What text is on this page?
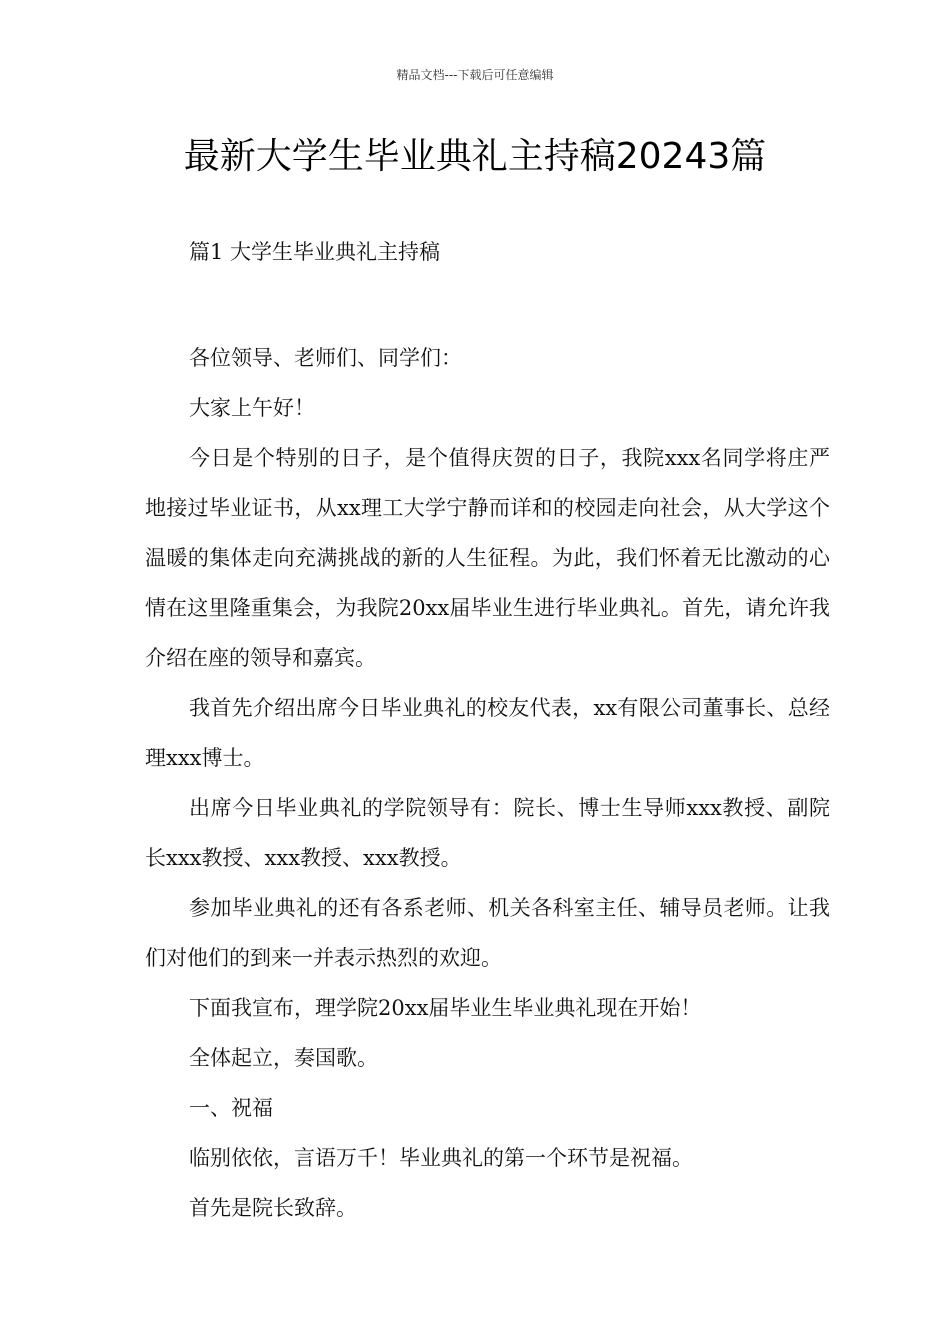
精品文档---下载后可任意编辑
最新大学生毕业典礼主持稿20243篇
篇1 大学生毕业典礼主持稿

各位领导、老师们、同学们：

大家上午好！

今日是个特别的日子，是个值得庆贺的日子，我院xxx名同学将庄严地接过毕业证书，从xx理工大学宁静而详和的校园走向社会，从大学这个温暖的集体走向充满挑战的新的人生征程。为此，我们怀着无比激动的心情在这里隆重集会，为我院20xx届毕业生进行毕业典礼。首先，请允许我介绍在座的领导和嘉宾。

我首先介绍出席今日毕业典礼的校友代表，xx有限公司董事长、总经理xxx博士。

出席今日毕业典礼的学院领导有：院长、博士生导师xxx教授、副院长xxx教授、xxx教授、xxx教授。

参加毕业典礼的还有各系老师、机关各科室主任、辅导员老师。让我们对他们的到来一并表示热烈的欢迎。

下面我宣布，理学院20xx届毕业生毕业典礼现在开始！

全体起立，奏国歌。

一、祝福

临别依依，言语万千！毕业典礼的第一个环节是祝福。

首先是院长致辞。
